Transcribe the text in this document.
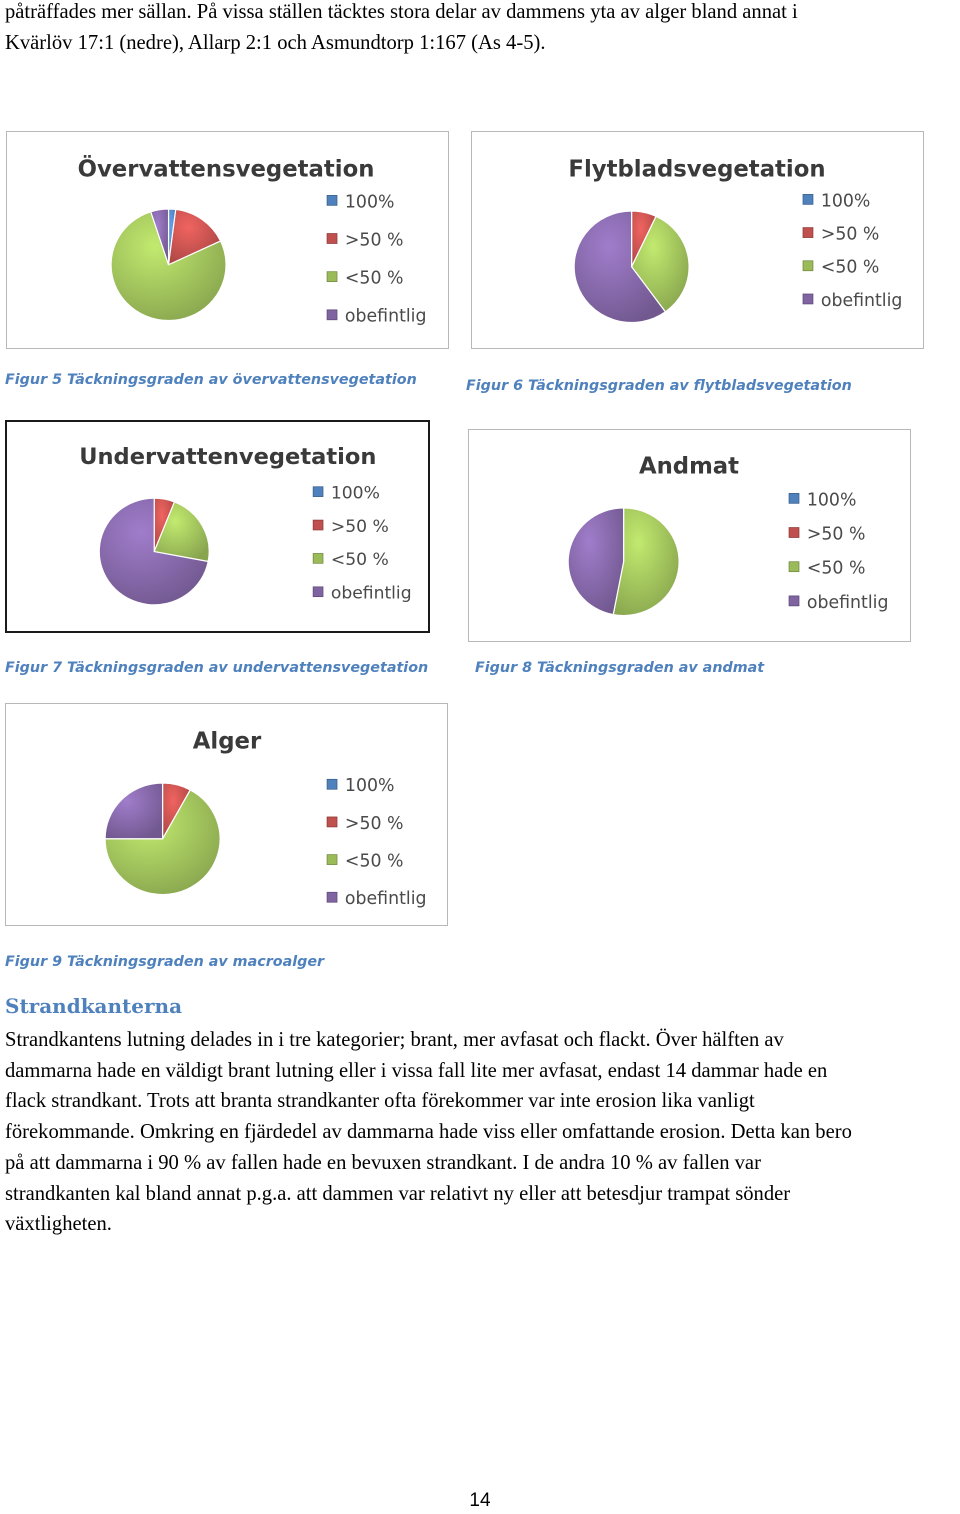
påträffades mer sällan. På vissa ställen täcktes stora delar av dammens yta av alger bland annat i
Kvärlöv 17:1 (nedre), Allarp 2:1 och Asmundtorp 1:167 (As 4-5).
Övervattensvegetation
100%
>50 %
<50 %
obefintlig
Flytbladsvegetation
100%
>50 %
<50 %
obefintlig

Figur 5 Täckningsgraden av övervattensvegetation	Figur 6 Täckningsgraden av flytbladsvegetation

Undervattenvegetation
100%
>50 %
<50 %
obefintlig
Andmat
100%
>50 %
<50 %
obefintlig

Figur 7 Täckningsgraden av undervattensvegetation	Figur 8 Täckningsgraden av andmat

Alger
100%
>50 %
<50 %
obefintlig

Figur 9 Täckningsgraden av macroalger

Strandkanterna
Strandkantens lutning delades in i tre kategorier; brant, mer avfasat och flackt. Över hälften av
dammarna hade en väldigt brant lutning eller i vissa fall lite mer avfasat, endast 14 dammar hade en
flack strandkant. Trots att branta strandkanter ofta förekommer var inte erosion lika vanligt
förekommande. Omkring en fjärdedel av dammarna hade viss eller omfattande erosion. Detta kan bero
på att dammarna i 90 % av fallen hade en bevuxen strandkant. I de andra 10 % av fallen var
strandkanten kal bland annat p.g.a. att dammen var relativt ny eller att betesdjur trampat sönder
växtligheten.

14
